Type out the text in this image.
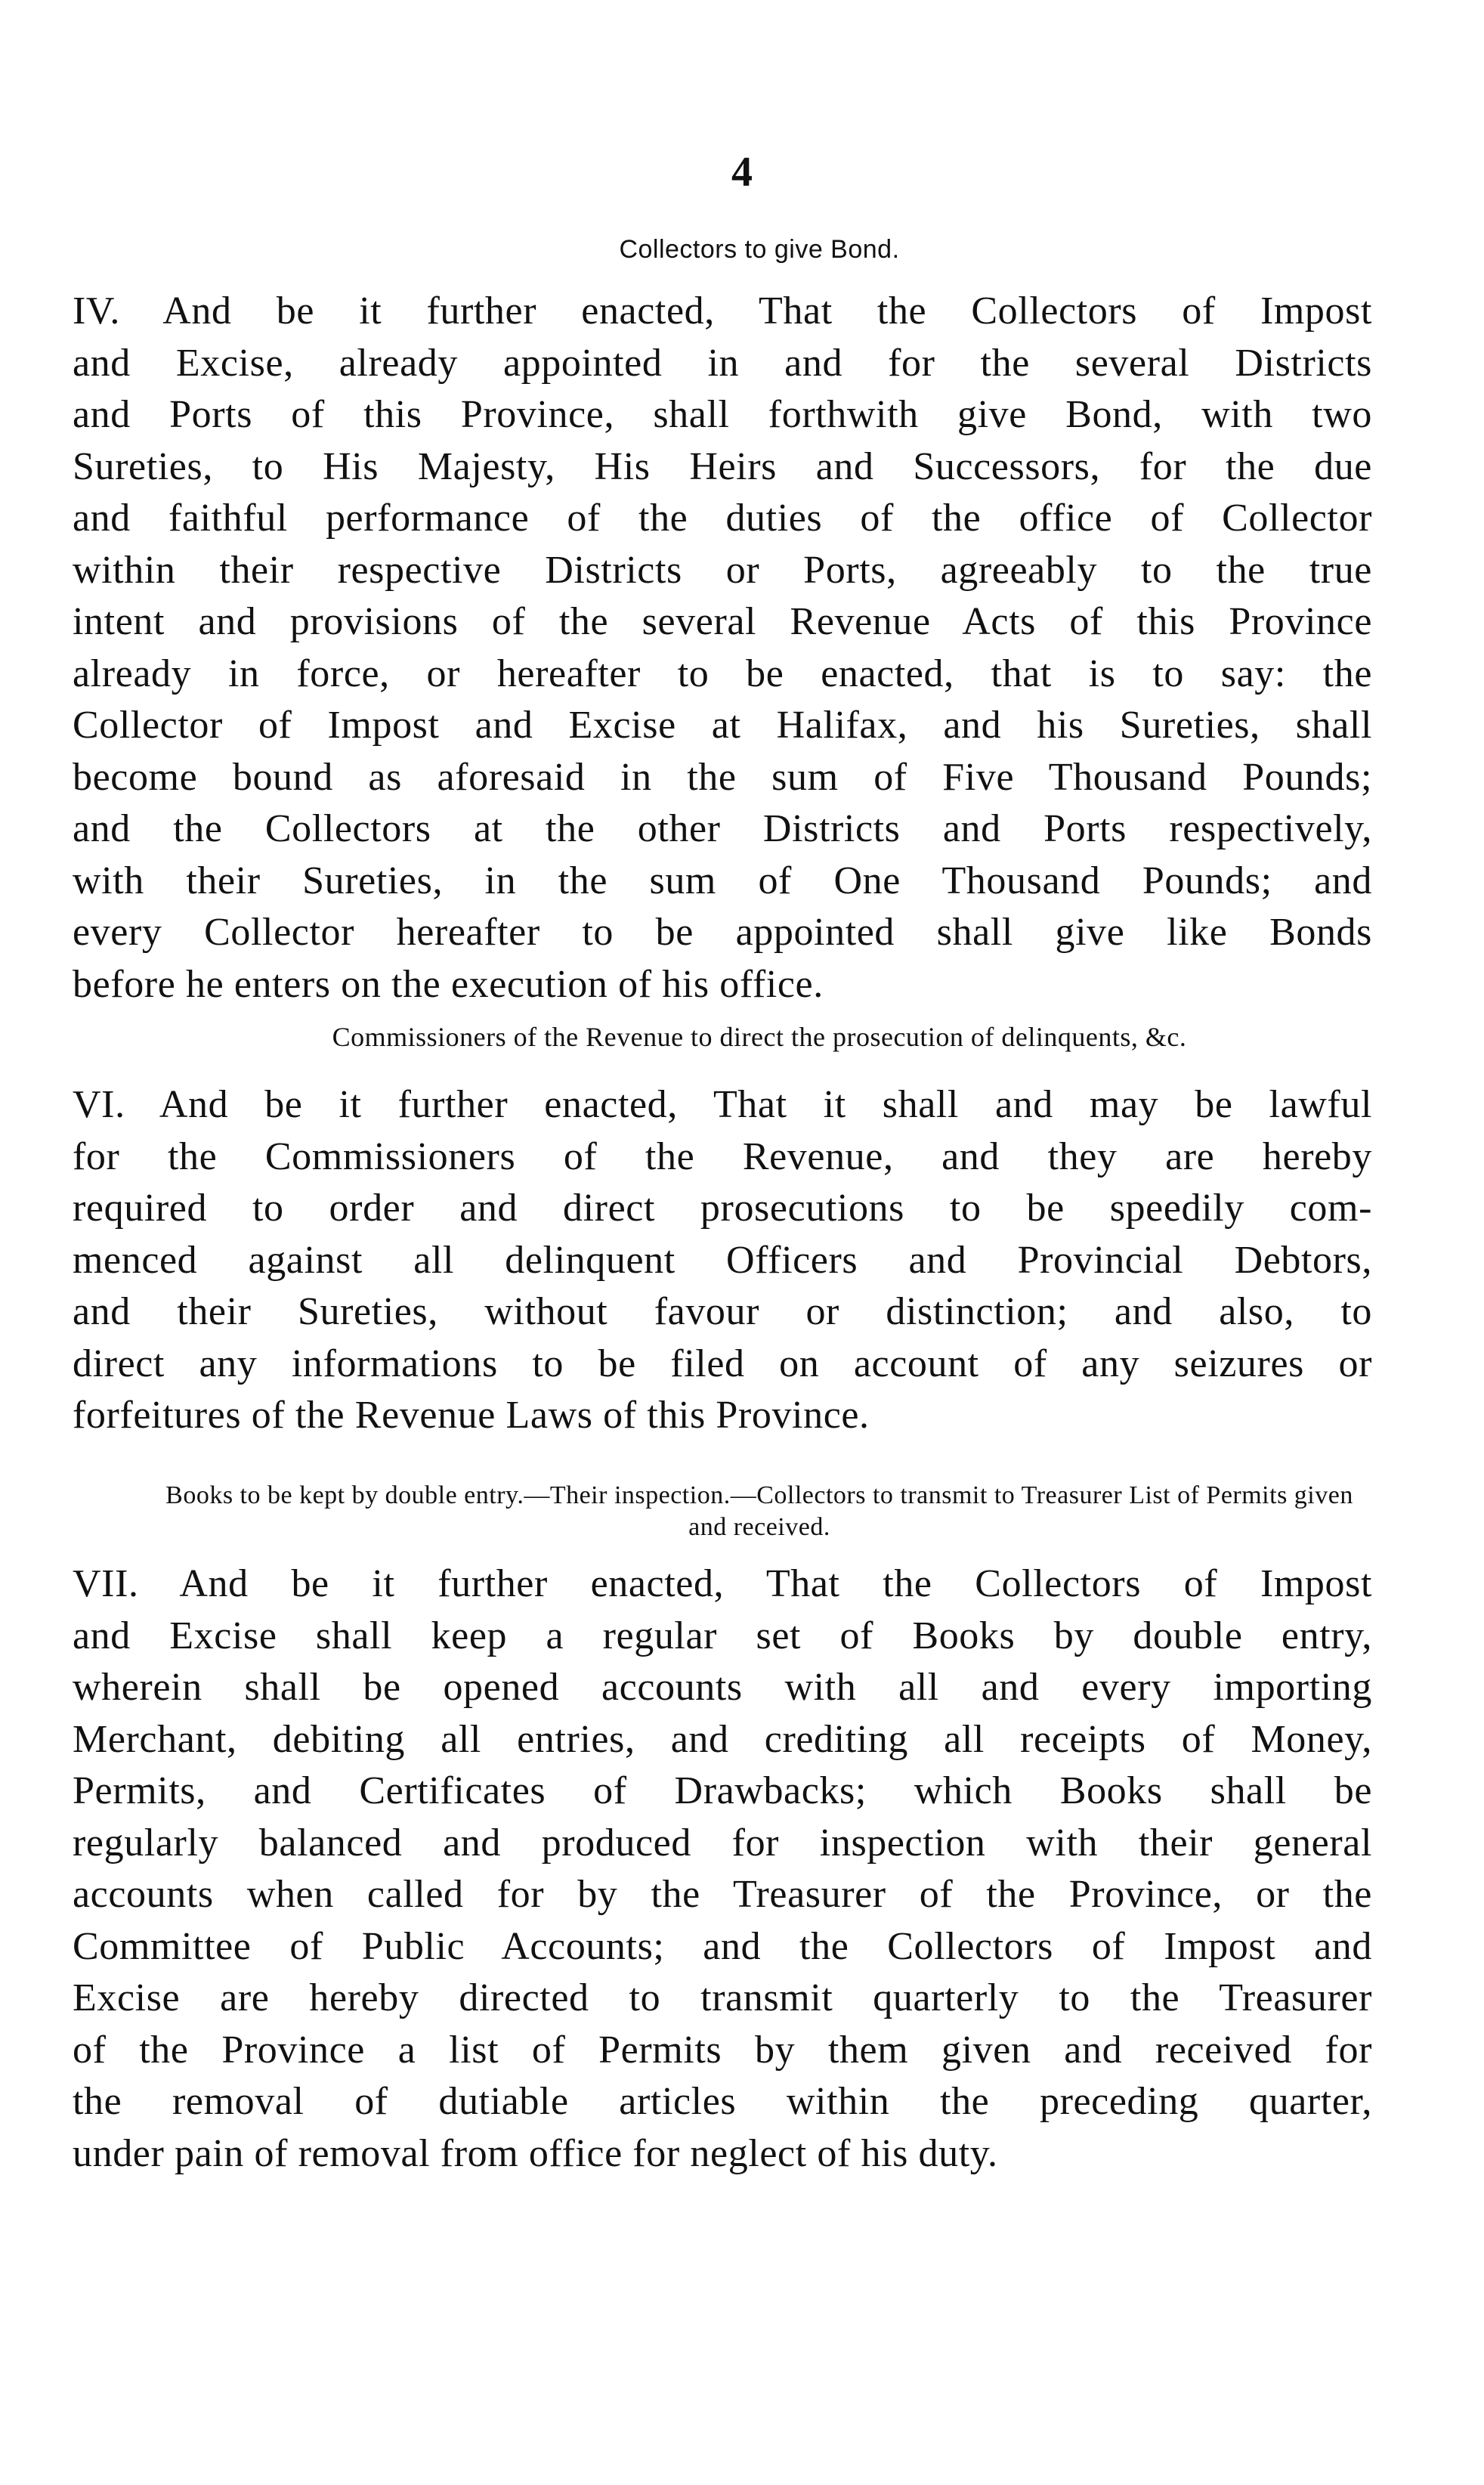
4
Collectors to give Bond.
IV. And be it further enacted, That the Collectors of Impost
and Excise, already appointed in and for the several Districts
and Ports of this Province, shall forthwith give Bond, with two
Sureties, to His Majesty, His Heirs and Successors, for the due
and faithful performance of the duties of the office of Collector
within their respective Districts or Ports, agreeably to the true
intent and provisions of the several Revenue Acts of this Province
already in force, or hereafter to be enacted, that is to say: the
Collector of Impost and Excise at Halifax, and his Sureties, shall
become bound as aforesaid in the sum of Five Thousand Pounds;
and the Collectors at the other Districts and Ports respectively,
with their Sureties, in the sum of One Thousand Pounds; and
every Collector hereafter to be appointed shall give like Bonds
before he enters on the execution of his office.
Commissioners of the Revenue to direct the prosecution of delinquents, &c.
VI. And be it further enacted, That it shall and may be lawful
for the Commissioners of the Revenue, and they are hereby
required to order and direct prosecutions to be speedily com-
menced against all delinquent Officers and Provincial Debtors,
and their Sureties, without favour or distinction; and also, to
direct any informations to be filed on account of any seizures or
forfeitures of the Revenue Laws of this Province.
Books to be kept by double entry.—Their inspection.—Collectors to transmit to Treasurer List of Permits given and received.
VII. And be it further enacted, That the Collectors of Impost
and Excise shall keep a regular set of Books by double entry,
wherein shall be opened accounts with all and every importing
Merchant, debiting all entries, and crediting all receipts of Money,
Permits, and Certificates of Drawbacks; which Books shall be
regularly balanced and produced for inspection with their general
accounts when called for by the Treasurer of the Province, or the
Committee of Public Accounts; and the Collectors of Impost and
Excise are hereby directed to transmit quarterly to the Treasurer
of the Province a list of Permits by them given and received for
the removal of dutiable articles within the preceding quarter,
under pain of removal from office for neglect of his duty.
